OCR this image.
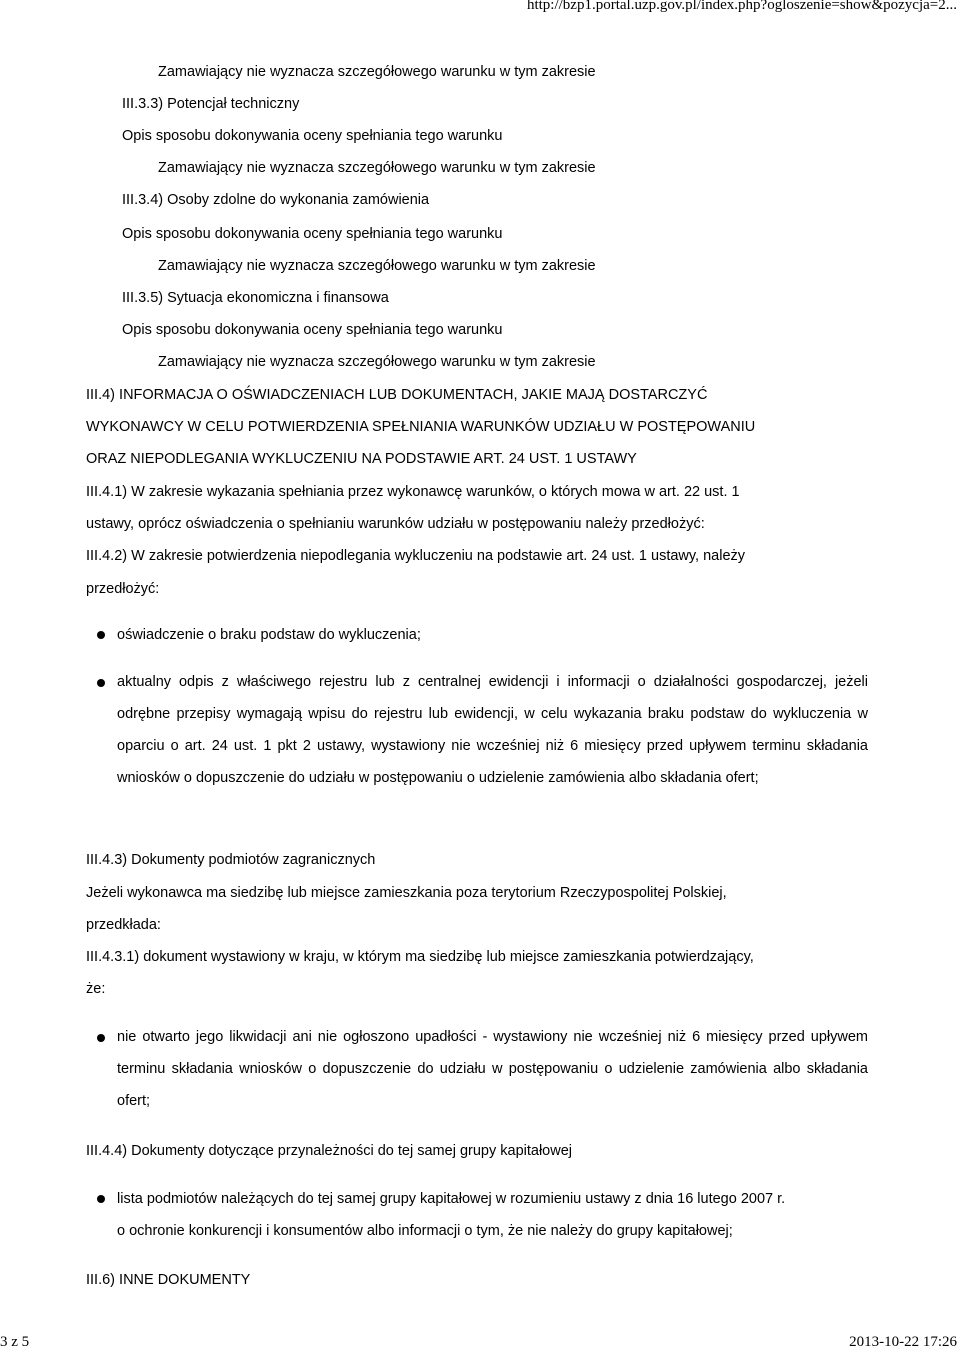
http://bzp1.portal.uzp.gov.pl/index.php?ogloszenie=show&pozycja=2...
Zamawiający nie wyznacza szczegółowego warunku w tym zakresie
III.3.3) Potencjał techniczny
Opis sposobu dokonywania oceny spełniania tego warunku
Zamawiający nie wyznacza szczegółowego warunku w tym zakresie
III.3.4) Osoby zdolne do wykonania zamówienia
Opis sposobu dokonywania oceny spełniania tego warunku
Zamawiający nie wyznacza szczegółowego warunku w tym zakresie
III.3.5) Sytuacja ekonomiczna i finansowa
Opis sposobu dokonywania oceny spełniania tego warunku
Zamawiający nie wyznacza szczegółowego warunku w tym zakresie
III.4) INFORMACJA O OŚWIADCZENIACH LUB DOKUMENTACH, JAKIE MAJĄ DOSTARCZYĆ
WYKONAWCY W CELU POTWIERDZENIA SPEŁNIANIA WARUNKÓW UDZIAŁU W POSTĘPOWANIU
ORAZ NIEPODLEGANIA WYKLUCZENIU NA PODSTAWIE ART. 24 UST. 1 USTAWY
III.4.1) W zakresie wykazania spełniania przez wykonawcę warunków, o których mowa w art. 22 ust. 1
ustawy, oprócz oświadczenia o spełnianiu warunków udziału w postępowaniu należy przedłożyć:
III.4.2) W zakresie potwierdzenia niepodlegania wykluczeniu na podstawie art. 24 ust. 1 ustawy, należy
przedłożyć:
oświadczenie o braku podstaw do wykluczenia;
aktualny odpis z właściwego rejestru lub z centralnej ewidencji i informacji o działalności gospodarczej, jeżeli odrębne przepisy wymagają wpisu do rejestru lub ewidencji, w celu wykazania braku podstaw do wykluczenia w oparciu o art. 24 ust. 1 pkt 2 ustawy, wystawiony nie wcześniej niż 6 miesięcy przed upływem terminu składania wniosków o dopuszczenie do udziału w postępowaniu o udzielenie zamówienia albo składania ofert;
III.4.3) Dokumenty podmiotów zagranicznych
Jeżeli wykonawca ma siedzibę lub miejsce zamieszkania poza terytorium Rzeczypospolitej Polskiej,
przedkłada:
III.4.3.1) dokument wystawiony w kraju, w którym ma siedzibę lub miejsce zamieszkania potwierdzający,
że:
nie otwarto jego likwidacji ani nie ogłoszono upadłości - wystawiony nie wcześniej niż 6 miesięcy przed upływem terminu składania wniosków o dopuszczenie do udziału w postępowaniu o udzielenie zamówienia albo składania ofert;
III.4.4) Dokumenty dotyczące przynależności do tej samej grupy kapitałowej
lista podmiotów należących do tej samej grupy kapitałowej w rozumieniu ustawy z dnia 16 lutego 2007 r.
o ochronie konkurencji i konsumentów albo informacji o tym, że nie należy do grupy kapitałowej;
III.6) INNE DOKUMENTY
3 z 5	2013-10-22 17:26
